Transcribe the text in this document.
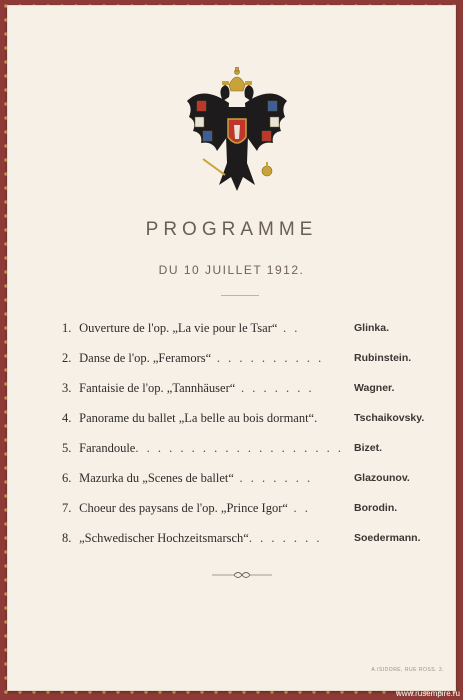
PROGRAMME
DU 10 JUILLET 1912.
1. Ouverture de l'op. „La vie pour le Tsar“ . .	Glinka.
2. Danse de l'op. „Feramors“ . . . . . . . . . .	Rubinstein.
3. Fantaisie de l'op. „Tannhäuser“ . . . . . . .	Wagner.
4. Panorame du ballet „La belle au bois dormant“.	Tschaikovsky.
5. Farandoule. . . . . . . . . . . . . . . . . . . Bizet.
6. Mazurka du „Scenes de ballet“ . . . . . . .	Glazounov.
7. Choeur des paysans de l'op. „Prince Igor“ . .	Borodin.
8. „Schwedischer Hochzeitsmarsch“. . . . . . .	Soedermann.
A.ISIDORE, RUE ROSS. 3.
www.rusempire.ru
